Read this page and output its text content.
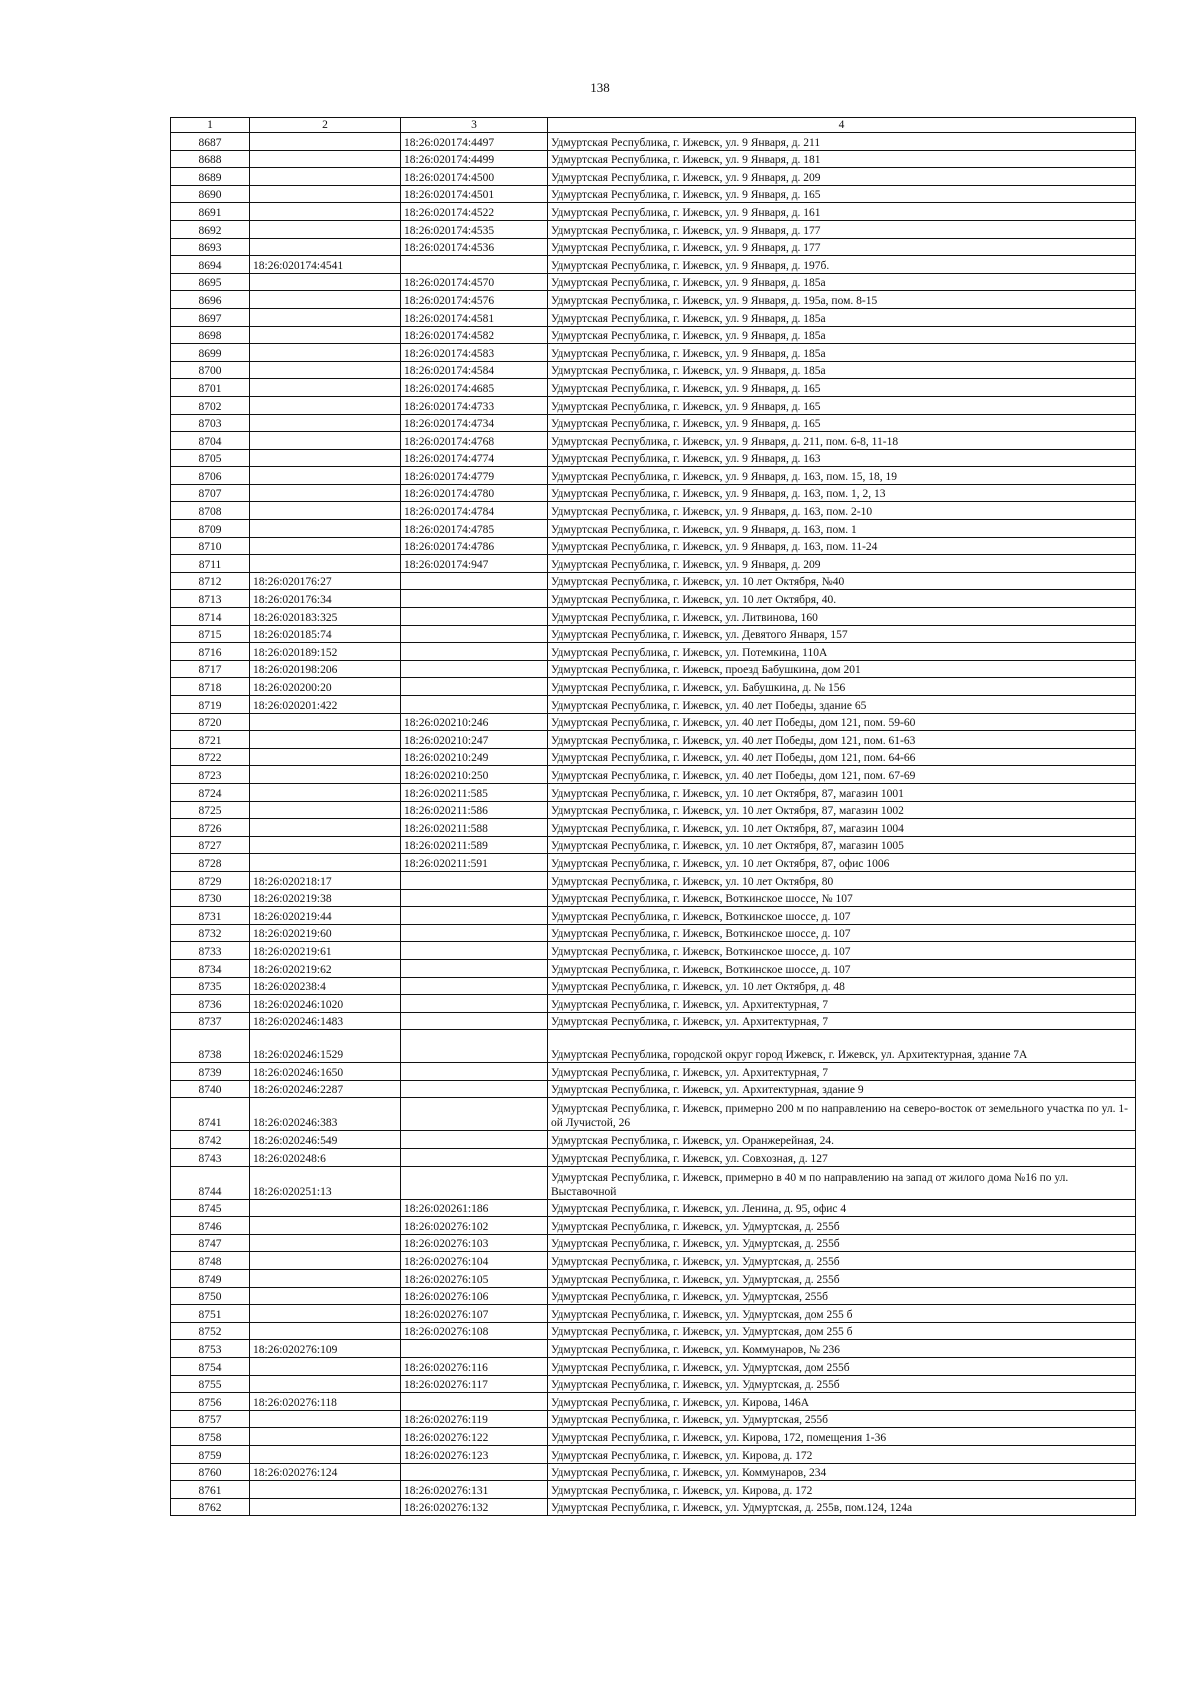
138
1	2	3	4
8687		18:26:020174:4497	Удмуртская Республика, г. Ижевск, ул. 9 Января, д. 211
8688		18:26:020174:4499	Удмуртская Республика, г. Ижевск, ул. 9 Января, д. 181
8689		18:26:020174:4500	Удмуртская Республика, г. Ижевск, ул. 9 Января, д. 209
8690		18:26:020174:4501	Удмуртская Республика, г. Ижевск, ул. 9 Января, д. 165
8691		18:26:020174:4522	Удмуртская Республика, г. Ижевск, ул. 9 Января, д. 161
8692		18:26:020174:4535	Удмуртская Республика, г. Ижевск, ул. 9 Января, д. 177
8693		18:26:020174:4536	Удмуртская Республика, г. Ижевск, ул. 9 Января, д. 177
8694	18:26:020174:4541		Удмуртская Республика, г. Ижевск, ул. 9 Января, д. 197б.
8695		18:26:020174:4570	Удмуртская Республика, г. Ижевск, ул. 9 Января, д. 185а
8696		18:26:020174:4576	Удмуртская Республика, г. Ижевск, ул. 9 Января, д. 195а, пом. 8-15
8697		18:26:020174:4581	Удмуртская Республика, г. Ижевск, ул. 9 Января, д. 185а
8698		18:26:020174:4582	Удмуртская Республика, г. Ижевск, ул. 9 Января, д. 185а
8699		18:26:020174:4583	Удмуртская Республика, г. Ижевск, ул. 9 Января, д. 185а
8700		18:26:020174:4584	Удмуртская Республика, г. Ижевск, ул. 9 Января, д. 185а
8701		18:26:020174:4685	Удмуртская Республика, г. Ижевск, ул. 9 Января, д. 165
8702		18:26:020174:4733	Удмуртская Республика, г. Ижевск, ул. 9 Января, д. 165
8703		18:26:020174:4734	Удмуртская Республика, г. Ижевск, ул. 9 Января, д. 165
8704		18:26:020174:4768	Удмуртская Республика, г. Ижевск, ул. 9 Января, д. 211, пом. 6-8, 11-18
8705		18:26:020174:4774	Удмуртская Республика, г. Ижевск, ул. 9 Января, д. 163
8706		18:26:020174:4779	Удмуртская Республика, г. Ижевск, ул. 9 Января, д. 163, пом. 15, 18, 19
8707		18:26:020174:4780	Удмуртская Республика, г. Ижевск, ул. 9 Января, д. 163, пом. 1, 2, 13
8708		18:26:020174:4784	Удмуртская Республика, г. Ижевск, ул. 9 Января, д. 163, пом. 2-10
8709		18:26:020174:4785	Удмуртская Республика, г. Ижевск, ул. 9 Января, д. 163, пом. 1
8710		18:26:020174:4786	Удмуртская Республика, г. Ижевск, ул. 9 Января, д. 163, пом. 11-24
8711		18:26:020174:947	Удмуртская Республика, г. Ижевск, ул. 9 Января, д. 209
8712	18:26:020176:27		Удмуртская Республика, г. Ижевск, ул. 10 лет Октября, №40
8713	18:26:020176:34		Удмуртская Республика, г. Ижевск, ул. 10 лет Октября, 40.
8714	18:26:020183:325		Удмуртская Республика, г. Ижевск, ул. Литвинова, 160
8715	18:26:020185:74		Удмуртская Республика, г. Ижевск, ул. Девятого Января, 157
8716	18:26:020189:152		Удмуртская Республика, г. Ижевск, ул. Потемкина, 110А
8717	18:26:020198:206		Удмуртская Республика, г. Ижевск, проезд Бабушкина, дом 201
8718	18:26:020200:20		Удмуртская Республика, г. Ижевск, ул. Бабушкина, д. № 156
8719	18:26:020201:422		Удмуртская Республика, г. Ижевск, ул. 40 лет Победы, здание 65
8720		18:26:020210:246	Удмуртская Республика, г. Ижевск, ул. 40 лет Победы, дом 121, пом. 59-60
8721		18:26:020210:247	Удмуртская Республика, г. Ижевск, ул. 40 лет Победы, дом 121, пом. 61-63
8722		18:26:020210:249	Удмуртская Республика, г. Ижевск, ул. 40 лет Победы, дом 121, пом. 64-66
8723		18:26:020210:250	Удмуртская Республика, г. Ижевск, ул. 40 лет Победы, дом 121, пом. 67-69
8724		18:26:020211:585	Удмуртская Республика, г. Ижевск, ул. 10 лет Октября, 87, магазин 1001
8725		18:26:020211:586	Удмуртская Республика, г. Ижевск, ул. 10 лет Октября, 87, магазин 1002
8726		18:26:020211:588	Удмуртская Республика, г. Ижевск, ул. 10 лет Октября, 87, магазин 1004
8727		18:26:020211:589	Удмуртская Республика, г. Ижевск, ул. 10 лет Октября, 87, магазин 1005
8728		18:26:020211:591	Удмуртская Республика, г. Ижевск, ул. 10 лет Октября, 87, офис 1006
8729	18:26:020218:17		Удмуртская Республика, г. Ижевск, ул. 10 лет Октября, 80
8730	18:26:020219:38		Удмуртская Республика, г. Ижевск, Воткинское шоссе, № 107
8731	18:26:020219:44		Удмуртская Республика, г. Ижевск, Воткинское шоссе, д. 107
8732	18:26:020219:60		Удмуртская Республика, г. Ижевск, Воткинское шоссе, д. 107
8733	18:26:020219:61		Удмуртская Республика, г. Ижевск, Воткинское шоссе, д. 107
8734	18:26:020219:62		Удмуртская Республика, г. Ижевск, Воткинское шоссе, д. 107
8735	18:26:020238:4		Удмуртская Республика, г. Ижевск, ул. 10 лет Октября, д. 48
8736	18:26:020246:1020		Удмуртская Республика, г. Ижевск, ул. Архитектурная, 7
8737	18:26:020246:1483		Удмуртская Республика, г. Ижевск, ул. Архитектурная, 7
8738	18:26:020246:1529		Удмуртская Республика, городской округ город Ижевск, г. Ижевск, ул. Архитектурная, здание 7А
8739	18:26:020246:1650		Удмуртская Республика, г. Ижевск, ул. Архитектурная, 7
8740	18:26:020246:2287		Удмуртская Республика, г. Ижевск, ул. Архитектурная, здание 9
8741	18:26:020246:383		Удмуртская Республика, г. Ижевск, примерно 200 м по направлению на северо-восток от земельного участка по ул. 1-ой Лучистой, 26
8742	18:26:020246:549		Удмуртская Республика, г. Ижевск, ул. Оранжерейная, 24.
8743	18:26:020248:6		Удмуртская Республика, г. Ижевск, ул. Совхозная, д. 127
8744	18:26:020251:13		Удмуртская Республика, г. Ижевск, примерно в 40 м по направлению на запад от жилого дома №16 по ул. Выставочной
8745		18:26:020261:186	Удмуртская Республика, г. Ижевск, ул. Ленина, д. 95, офис 4
8746		18:26:020276:102	Удмуртская Республика, г. Ижевск, ул. Удмуртская, д. 255б
8747		18:26:020276:103	Удмуртская Республика, г. Ижевск, ул. Удмуртская, д. 255б
8748		18:26:020276:104	Удмуртская Республика, г. Ижевск, ул. Удмуртская, д. 255б
8749		18:26:020276:105	Удмуртская Республика, г. Ижевск, ул. Удмуртская, д. 255б
8750		18:26:020276:106	Удмуртская Республика, г. Ижевск, ул. Удмуртская, 255б
8751		18:26:020276:107	Удмуртская Республика, г. Ижевск, ул. Удмуртская, дом 255 б
8752		18:26:020276:108	Удмуртская Республика, г. Ижевск, ул. Удмуртская, дом 255 б
8753	18:26:020276:109		Удмуртская Республика, г. Ижевск, ул. Коммунаров, № 236
8754		18:26:020276:116	Удмуртская Республика, г. Ижевск, ул. Удмуртская, дом 255б
8755		18:26:020276:117	Удмуртская Республика, г. Ижевск, ул. Удмуртская, д. 255б
8756	18:26:020276:118		Удмуртская Республика, г. Ижевск, ул. Кирова, 146А
8757		18:26:020276:119	Удмуртская Республика, г. Ижевск, ул. Удмуртская, 255б
8758		18:26:020276:122	Удмуртская Республика, г. Ижевск, ул. Кирова, 172, помещения 1-36
8759		18:26:020276:123	Удмуртская Республика, г. Ижевск, ул. Кирова, д. 172
8760	18:26:020276:124		Удмуртская Республика, г. Ижевск, ул. Коммунаров, 234
8761		18:26:020276:131	Удмуртская Республика, г. Ижевск, ул. Кирова, д. 172
8762		18:26:020276:132	Удмуртская Республика, г. Ижевск, ул. Удмуртская, д. 255в, пом.124, 124а
